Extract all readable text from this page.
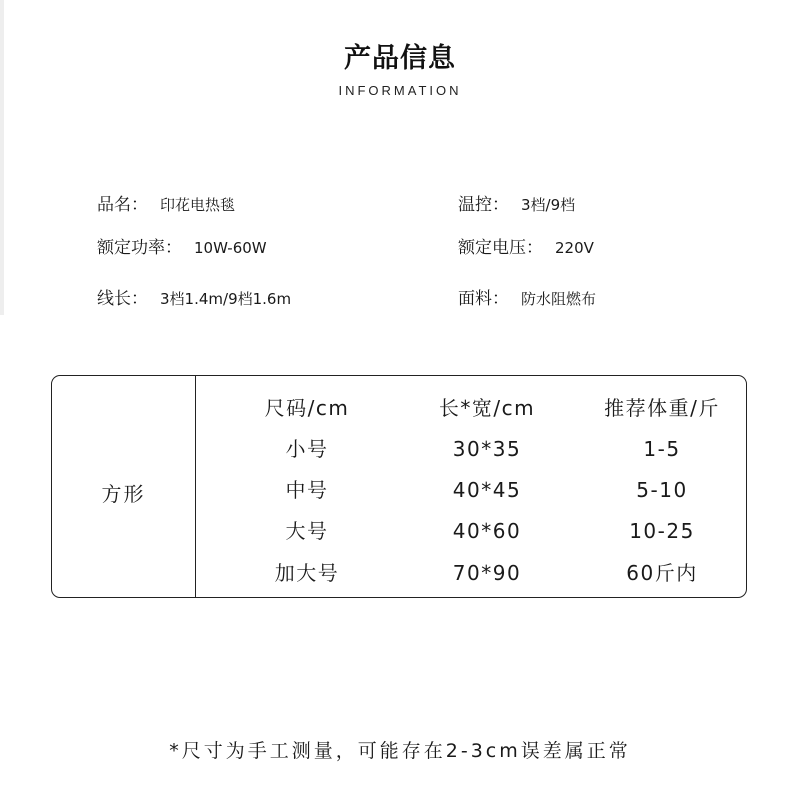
产品信息
INFORMATION
品名： 印花电热毯	温控： 3档/9档
额定功率： 10W-60W	额定电压： 220V
线长： 3档1.4m/9档1.6m	面料： 防水阻燃布
方形
尺码/cm	长*宽/cm	推荐体重/斤
小号	30*35	1-5
中号	40*45	5-10
大号	40*60	10-25
加大号	70*90	60斤内
*尺寸为手工测量，可能存在2-3cm误差属正常
